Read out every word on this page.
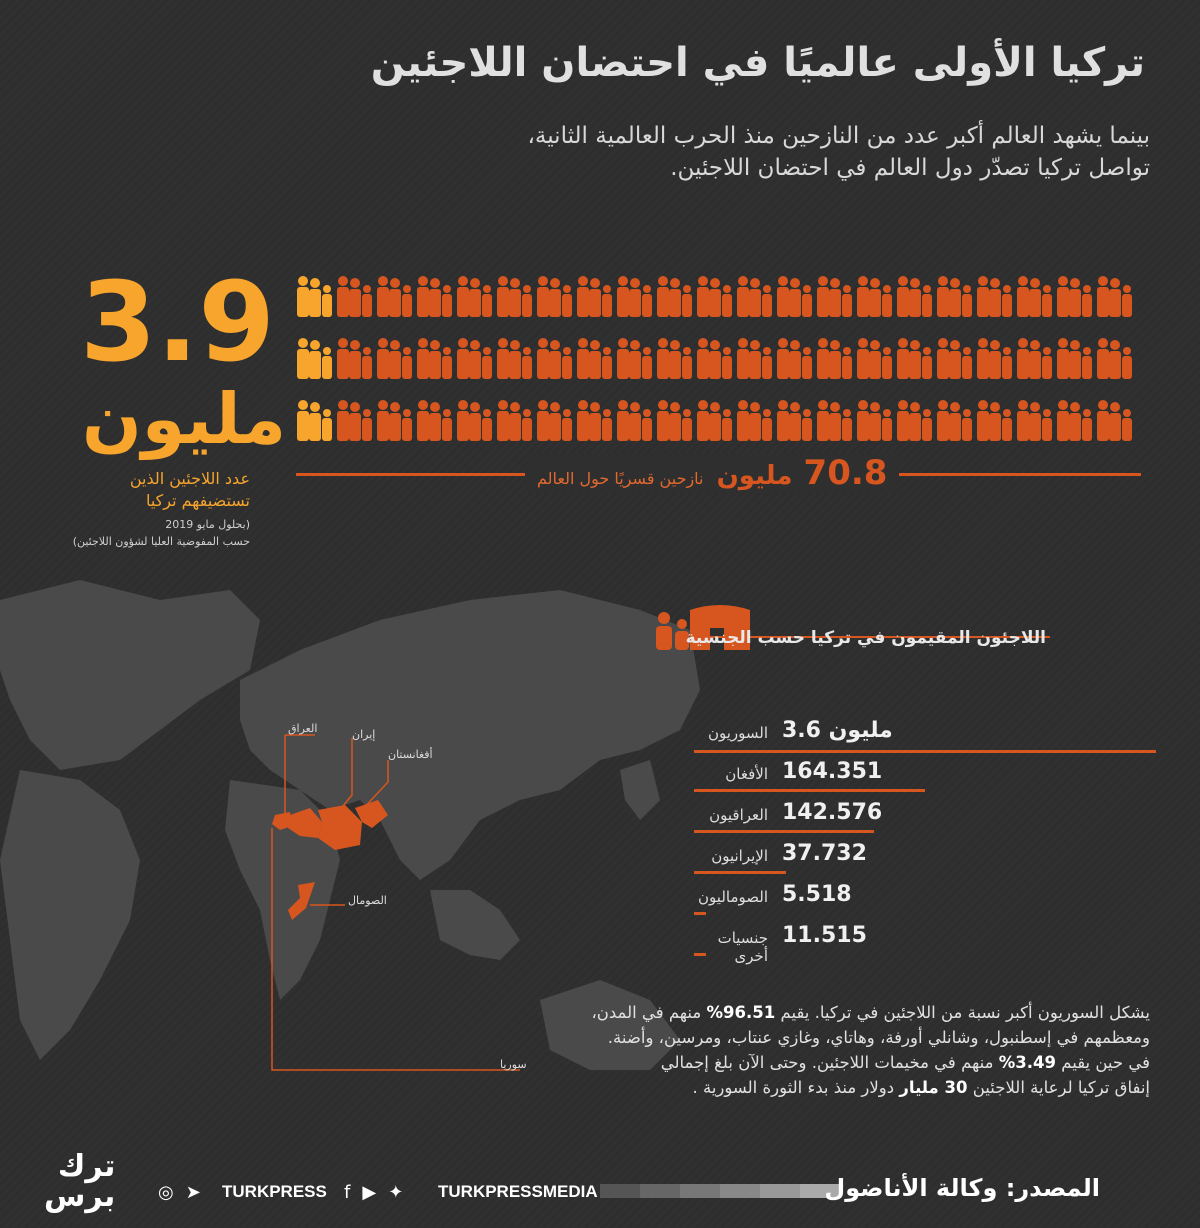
تركيا الأولى عالميًا في احتضان اللاجئين

بينما يشهد العالم أكبر عدد من النازحين منذ الحرب العالمية الثانية،
تواصل تركيا تصدّر دول العالم في احتضان اللاجئين.

3.9
مليون
عدد اللاجئين الذين
تستضيفهم تركيا
(بحلول مايو 2019
حسب المفوضية العليا لشؤون اللاجئين)
70.8 مليون نازحين قسريًا حول العالم
العراق	إيران
أفغانستان
الصومال
سوريا
اللاجئون المقيمون في تركيا حسب الجنسية
السوريون 3.6 مليون
الأفغان 164.351
العراقيون 142.576
الإيرانيون 37.732
الصوماليون 5.518
جنسيات أخرى
11.515

يشكل السوريون أكبر نسبة من اللاجئين في تركيا. يقيم 96.51% منهم في المدن،
ومعظمهم في إسطنبول، وشانلي أورفة، وهاتاي، وغازي عنتاب، ومرسين، وأضنة.
في حين يقيم 3.49% منهم في مخيمات اللاجئين. وحتى الآن بلغ إجمالي
إنفاق تركيا لرعاية اللاجئين 30 مليار دولار منذ بدء الثورة السورية .

ترك
برس ◎ ➤ TURKPRESS f ▶ ✦ TURKPRESSMEDIA	المصدر: وكالة الأناضول
